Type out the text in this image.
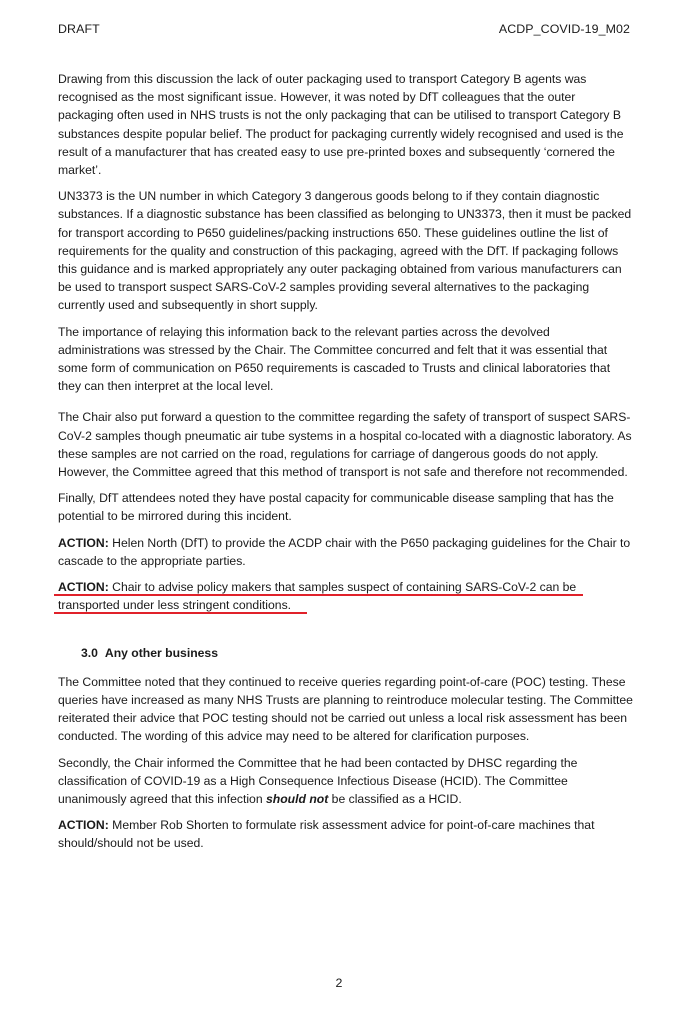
DRAFT	ACDP_COVID-19_M02

Drawing from this discussion the lack of outer packaging used to transport Category B agents was recognised as the most significant issue. However, it was noted by DfT colleagues that the outer packaging often used in NHS trusts is not the only packaging that can be utilised to transport Category B substances despite popular belief. The product for packaging currently widely recognised and used is the result of a manufacturer that has created easy to use pre-printed boxes and subsequently ‘cornered the market’.

UN3373 is the UN number in which Category 3 dangerous goods belong to if they contain diagnostic substances. If a diagnostic substance has been classified as belonging to UN3373, then it must be packed for transport according to P650 guidelines/packing instructions 650. These guidelines outline the list of requirements for the quality and construction of this packaging, agreed with the DfT. If packaging follows this guidance and is marked appropriately any outer packaging obtained from various manufacturers can be used to transport suspect SARS-CoV-2 samples providing several alternatives to the packaging currently used and subsequently in short supply.

The importance of relaying this information back to the relevant parties across the devolved administrations was stressed by the Chair. The Committee concurred and felt that it was essential that some form of communication on P650 requirements is cascaded to Trusts and clinical laboratories that they can then interpret at the local level.

The Chair also put forward a question to the committee regarding the safety of transport of suspect SARS-CoV-2 samples though pneumatic air tube systems in a hospital co-located with a diagnostic laboratory. As these samples are not carried on the road, regulations for carriage of dangerous goods do not apply. However, the Committee agreed that this method of transport is not safe and therefore not recommended.

Finally, DfT attendees noted they have postal capacity for communicable disease sampling that has the potential to be mirrored during this incident.

ACTION: Helen North (DfT) to provide the ACDP chair with the P650 packaging guidelines for the Chair to cascade to the appropriate parties.

ACTION: Chair to advise policy makers that samples suspect of containing SARS-CoV-2 can be transported under less stringent conditions.

3.0 Any other business

The Committee noted that they continued to receive queries regarding point-of-care (POC) testing. These queries have increased as many NHS Trusts are planning to reintroduce molecular testing. The Committee reiterated their advice that POC testing should not be carried out unless a local risk assessment has been conducted. The wording of this advice may need to be altered for clarification purposes.

Secondly, the Chair informed the Committee that he had been contacted by DHSC regarding the classification of COVID-19 as a High Consequence Infectious Disease (HCID). The Committee unanimously agreed that this infection should not be classified as a HCID.

ACTION: Member Rob Shorten to formulate risk assessment advice for point-of-care machines that should/should not be used.

2
